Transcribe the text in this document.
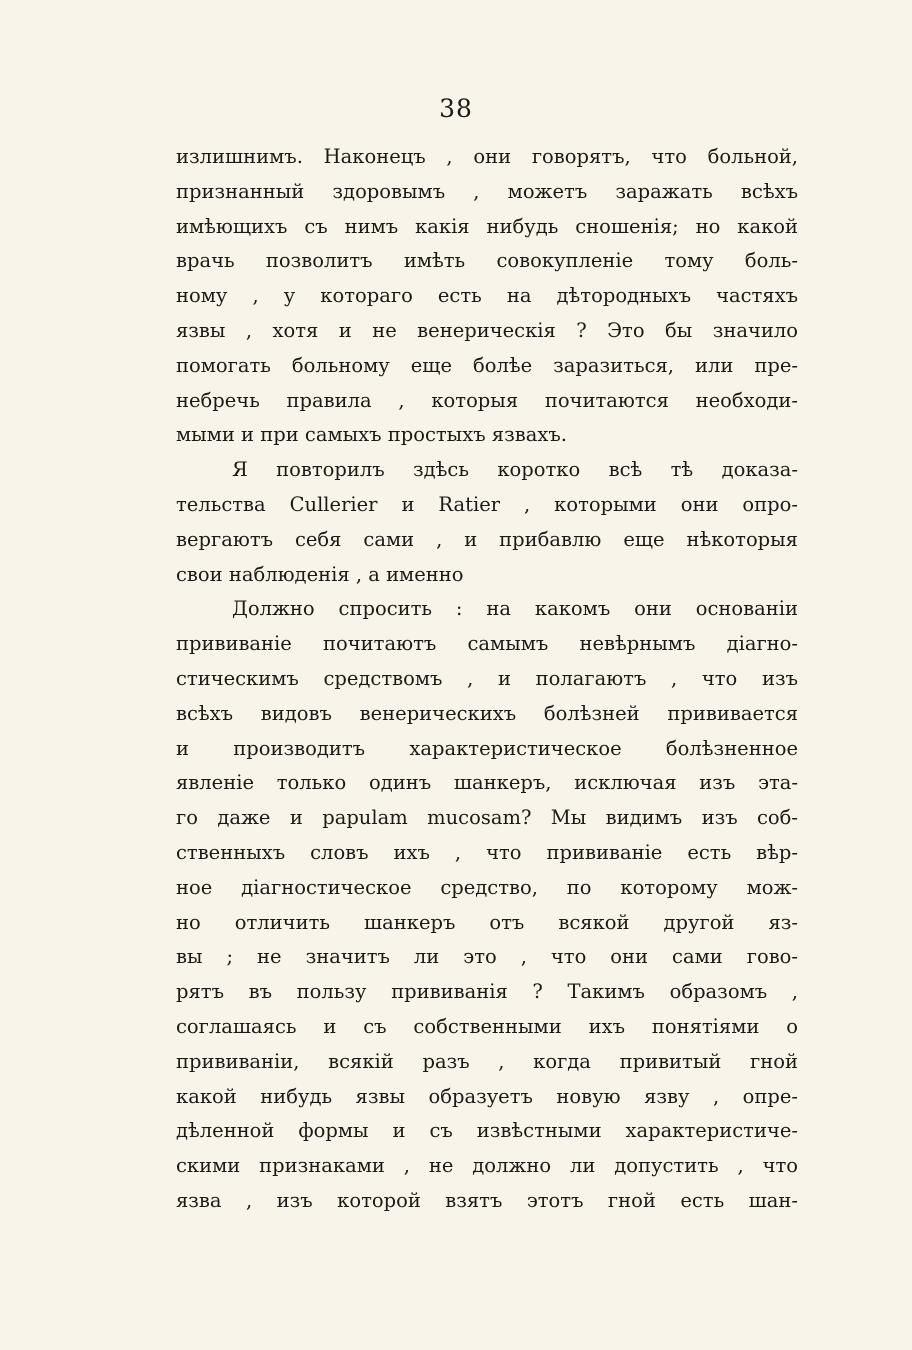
38
излишнимъ. Наконецъ , они говорятъ, что больной,
признанный здоровымъ , можетъ заражать всѣхъ
имѣющихъ съ нимъ какія нибудь сношенія; но какой
врачь позволитъ имѣть совокупленіе тому боль-
ному , у котораго есть на дѣтородныхъ частяхъ
язвы , хотя и не венерическія ? Это бы значило
помогать больному еще болѣе заразиться, или пре-
небречь правила , которыя почитаются необходи-
мыми и при самыхъ простыхъ язвахъ.
Я повторилъ здѣсь коротко всѣ тѣ доказа-
тельства Cullerier и Ratier , которыми они опро-
вергаютъ себя сами , и прибавлю еще нѣкоторыя
свои наблюденія , а именно
Должно спросить : на какомъ они основаніи
прививаніе почитаютъ самымъ невѣрнымъ діагно-
стическимъ средствомъ , и полагаютъ , что изъ
всѣхъ видовъ венерическихъ болѣзней прививается
и производитъ характеристическое болѣзненное
явленіе только одинъ шанкеръ, исключая изъ эта-
го даже и papulam mucosam? Мы видимъ изъ соб-
ственныхъ словъ ихъ , что прививаніе есть вѣр-
ное діагностическое средство, по которому мож-
но отличить шанкеръ отъ всякой другой яз-
вы ; не значитъ ли это , что они сами гово-
рятъ въ пользу прививанія ? Такимъ образомъ ,
соглашаясь и съ собственными ихъ понятіями о
прививаніи, всякій разъ , когда привитый гной
какой нибудь язвы образуетъ новую язву , опре-
дѣленной формы и съ извѣстными характеристиче-
скими признаками , не должно ли допустить , что
язва , изъ которой взятъ этотъ гной есть шан-
